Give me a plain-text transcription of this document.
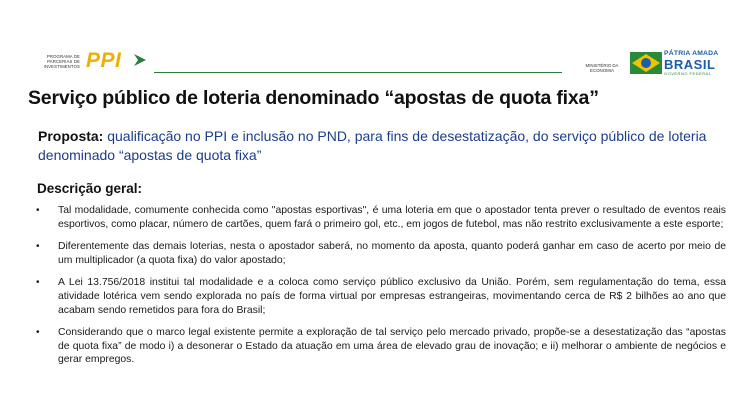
PROGRAMA DE
PARCERIAS DE
INVESTIMENTOS PPI	MINISTÉRIO DA
ECONOMIA
PÁTRIA AMADA
BRASIL
GOVERNO FEDERAL
Serviço público de loteria denominado “apostas de quota fixa”
Proposta: qualificação no PPI e inclusão no PND, para fins de desestatização, do serviço público de loteria denominado “apostas de quota fixa”
Descrição geral:
• Tal modalidade, comumente conhecida como "apostas esportivas", é uma loteria em que o apostador tenta prever o resultado de eventos reais esportivos, como placar, número de cartões, quem fará o primeiro gol, etc., em jogos de futebol, mas não restrito exclusivamente a este esporte;
• Diferentemente das demais loterias, nesta o apostador saberá, no momento da aposta, quanto poderá ganhar em caso de acerto por meio de um multiplicador (a quota fixa) do valor apostado;
• A Lei 13.756/2018 institui tal modalidade e a coloca como serviço público exclusivo da União. Porém, sem regulamentação do tema, essa atividade lotérica vem sendo explorada no país de forma virtual por empresas estrangeiras, movimentando cerca de R$ 2 bilhões ao ano que acabam sendo remetidos para fora do Brasil;
• Considerando que o marco legal existente permite a exploração de tal serviço pelo mercado privado, propõe-se a desestatização das “apostas de quota fixa” de modo i) a desonerar o Estado da atuação em uma área de elevado grau de inovação; e ii) melhorar o ambiente de negócios e gerar empregos.
